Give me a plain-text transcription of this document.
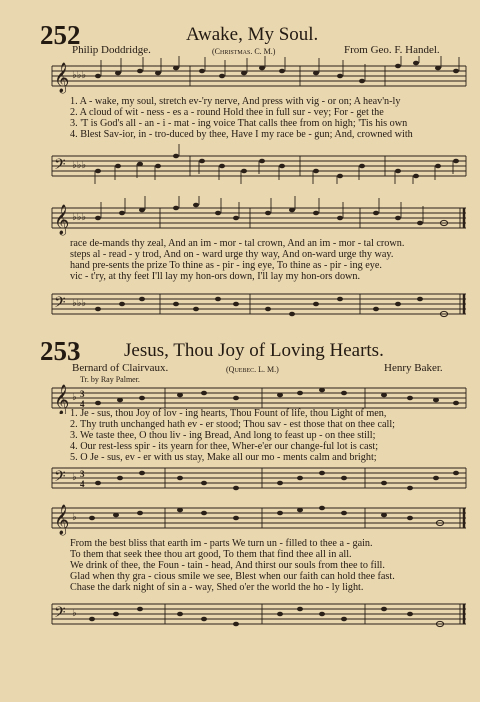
252	Awake, My Soul.
Philip Doddridge.	(Christmas. C. M.)	From Geo. F. Handel.
𝄞 ♭♭♭
1. A - wake, my soul, stretch ev-'ry nerve, And press with vig - or on; A heav'n-ly
2. A cloud of wit - ness - es a - round Hold thee in full sur - vey; For - get the
3. 'T is God's all - an - i - mat - ing voice That calls thee from on high; 'Tis his own
4. Blest Sav-ior, in - tro-duced by thee, Have I my race be - gun; And, crowned with
𝄢 ♭♭♭
𝄞 ♭♭♭
race de-mands thy zeal, And an im - mor - tal crown, And an im - mor - tal crown.
steps al - read - y trod, And on - ward urge thy way, And on-ward urge thy way.
hand pre-sents the prize To thine as - pir - ing eye, To thine as - pir - ing eye.
vic - t'ry, at thy feet I'll lay my hon-ors down, I'll lay my hon-ors down.
𝄢 ♭♭♭
253 Jesus, Thou Joy of Loving Hearts.
Bernard of Clairvaux.
Tr. by Ray Palmer.
(Quebec. L. M.)	Henry Baker.
𝄞 ♭ 3
4
1. Je - sus, thou Joy of lov - ing hearts, Thou Fount of life, thou Light of men,
2. Thy truth unchanged hath ev - er stood; Thou sav - est those that on thee call;
3. We taste thee, O thou liv - ing Bread, And long to feast up - on thee still;
4. Our rest-less spir - its yearn for thee, Wher-e'er our change-ful lot is cast;
5. O Je - sus, ev - er with us stay, Make all our mo - ments calm and bright;
𝄢 ♭ 3
4
𝄞 ♭
From the best bliss that earth im - parts We turn un - filled to thee a - gain.
To them that seek thee thou art good, To them that find thee all in all.
We drink of thee, the Foun - tain - head, And thirst our souls from thee to fill.
Glad when thy gra - cious smile we see, Blest when our faith can hold thee fast.
Chase the dark night of sin a - way, Shed o'er the world the ho - ly light.
𝄢 ♭
